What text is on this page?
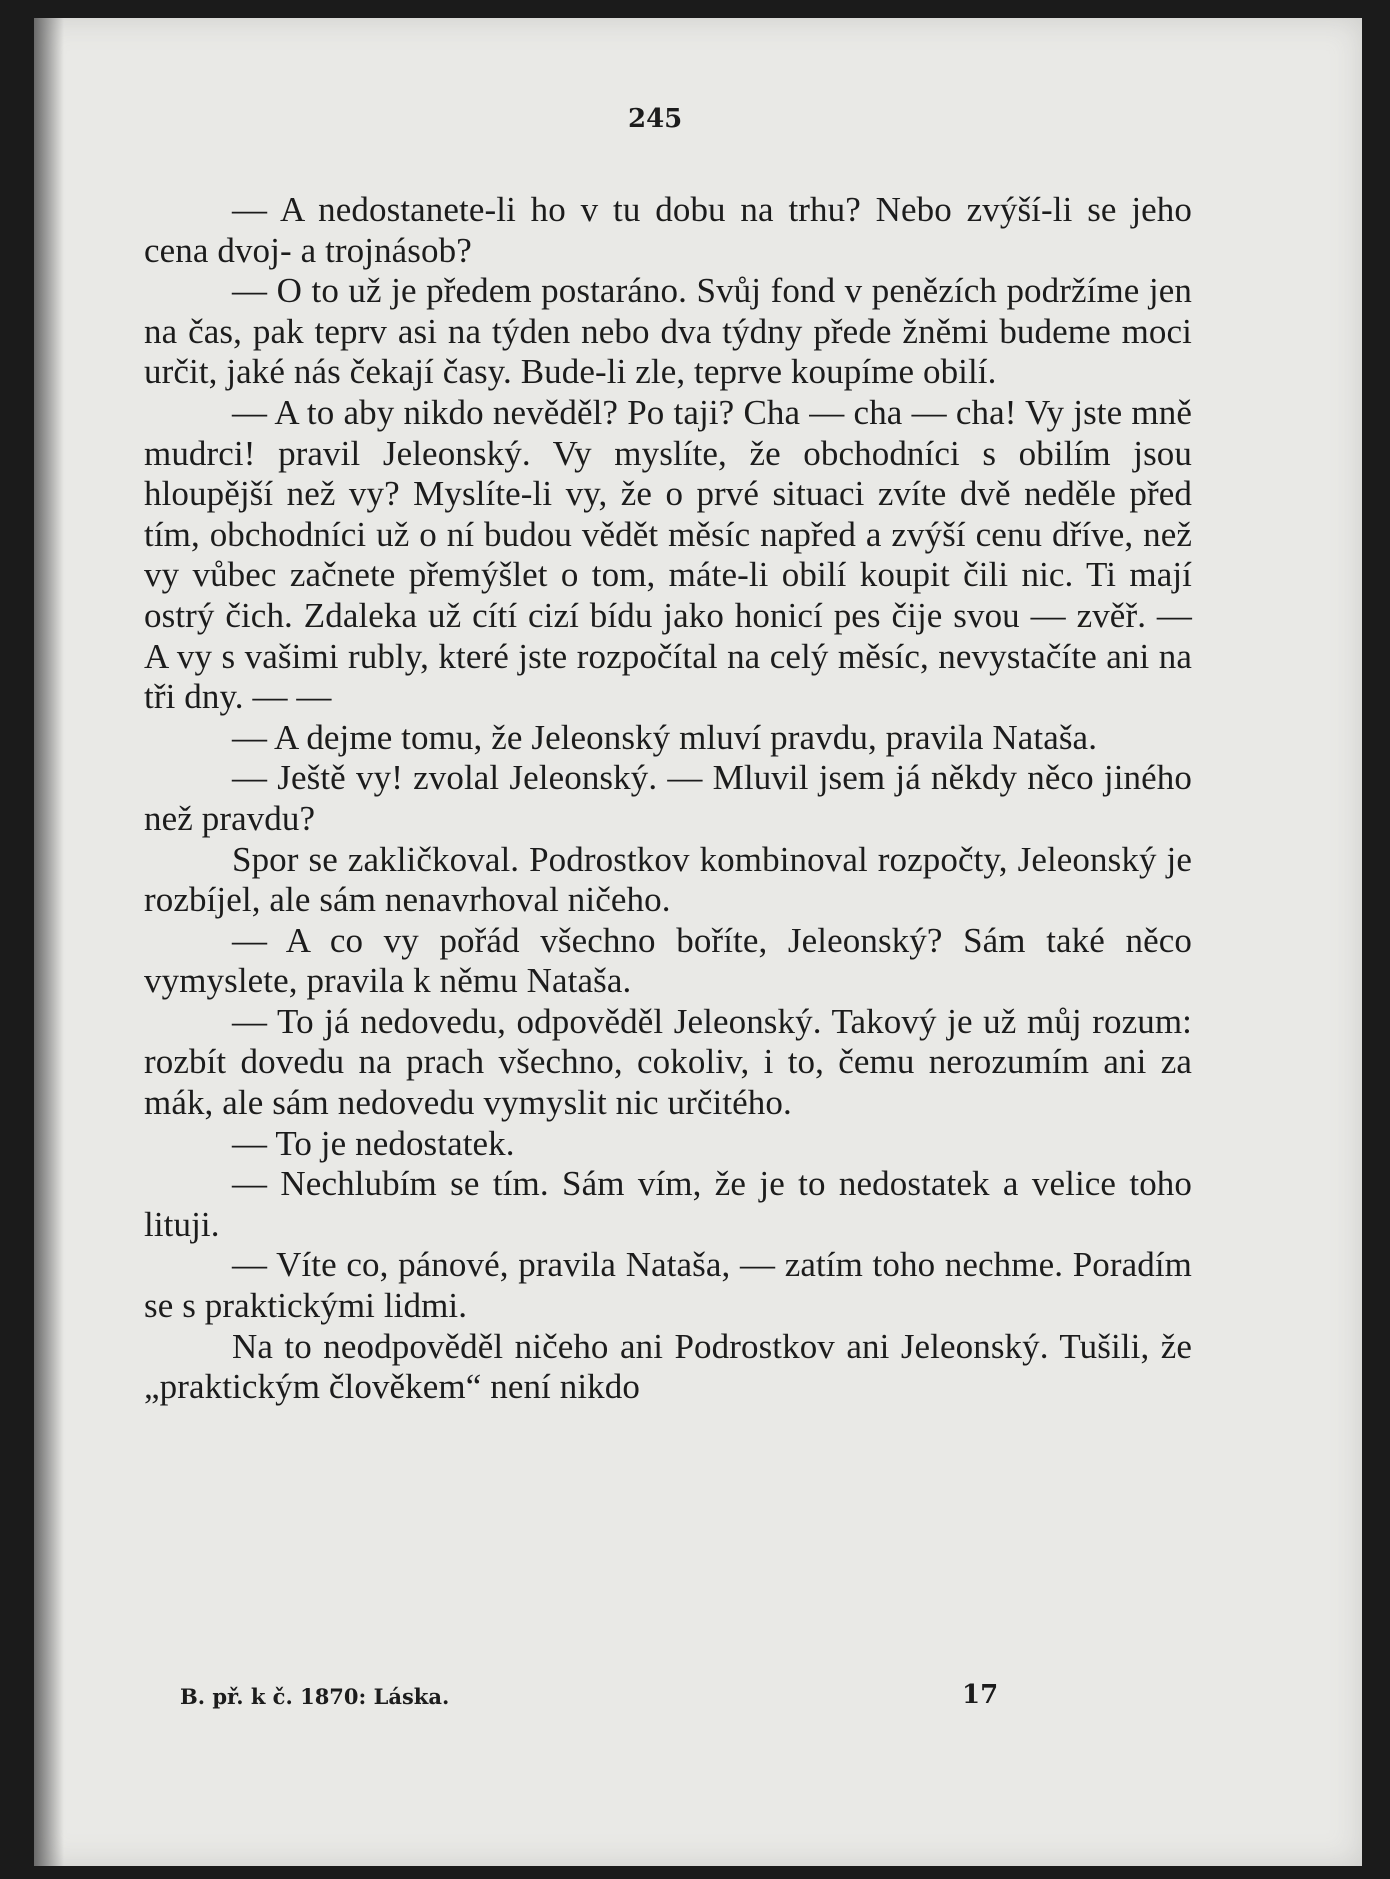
245

— A nedostanete-li ho v tu dobu na trhu? Nebo zvýší-li se jeho cena dvoj- a trojnásob?

— O to už je předem postaráno. Svůj fond v penězích podržíme jen na čas, pak teprv asi na týden nebo dva týdny přede žněmi budeme moci určit, jaké nás čekají časy. Bude-li zle, teprve koupíme obilí.

— A to aby nikdo nevěděl? Po taji? Cha — cha — cha! Vy jste mně mudrci! pravil Jeleonský. Vy myslíte, že obchodníci s obilím jsou hloupější než vy? Myslíte-li vy, že o prvé situaci zvíte dvě neděle před tím, obchodníci už o ní budou vědět měsíc napřed a zvýší cenu dříve, než vy vůbec začnete přemýšlet o tom, máte-li obilí koupit čili nic. Ti mají ostrý čich. Zdaleka už cítí cizí bídu jako honicí pes čije svou — zvěř. — A vy s vašimi rubly, které jste rozpočítal na celý měsíc, nevystačíte ani na tři dny. — —

— A dejme tomu, že Jeleonský mluví pravdu, pravila Nataša.

— Ještě vy! zvolal Jeleonský. — Mluvil jsem já někdy něco jiného než pravdu?

Spor se zakličkoval. Podrostkov kombinoval rozpočty, Jeleonský je rozbíjel, ale sám nenavrhoval ničeho.

— A co vy pořád všechno boříte, Jeleonský? Sám také něco vymyslete, pravila k němu Nataša.

— To já nedovedu, odpověděl Jeleonský. Takový je už můj rozum: rozbít dovedu na prach všechno, cokoliv, i to, čemu nerozumím ani za mák, ale sám nedovedu vymyslit nic určitého.

— To je nedostatek.

— Nechlubím se tím. Sám vím, že je to nedostatek a velice toho lituji.

— Víte co, pánové, pravila Nataša, — zatím toho nechme. Poradím se s praktickými lidmi.

Na to neodpověděl ničeho ani Podrostkov ani Jeleonský. Tušili, že „praktickým člověkem“ není nikdo

B. př. k č. 1870: Láska.	17
